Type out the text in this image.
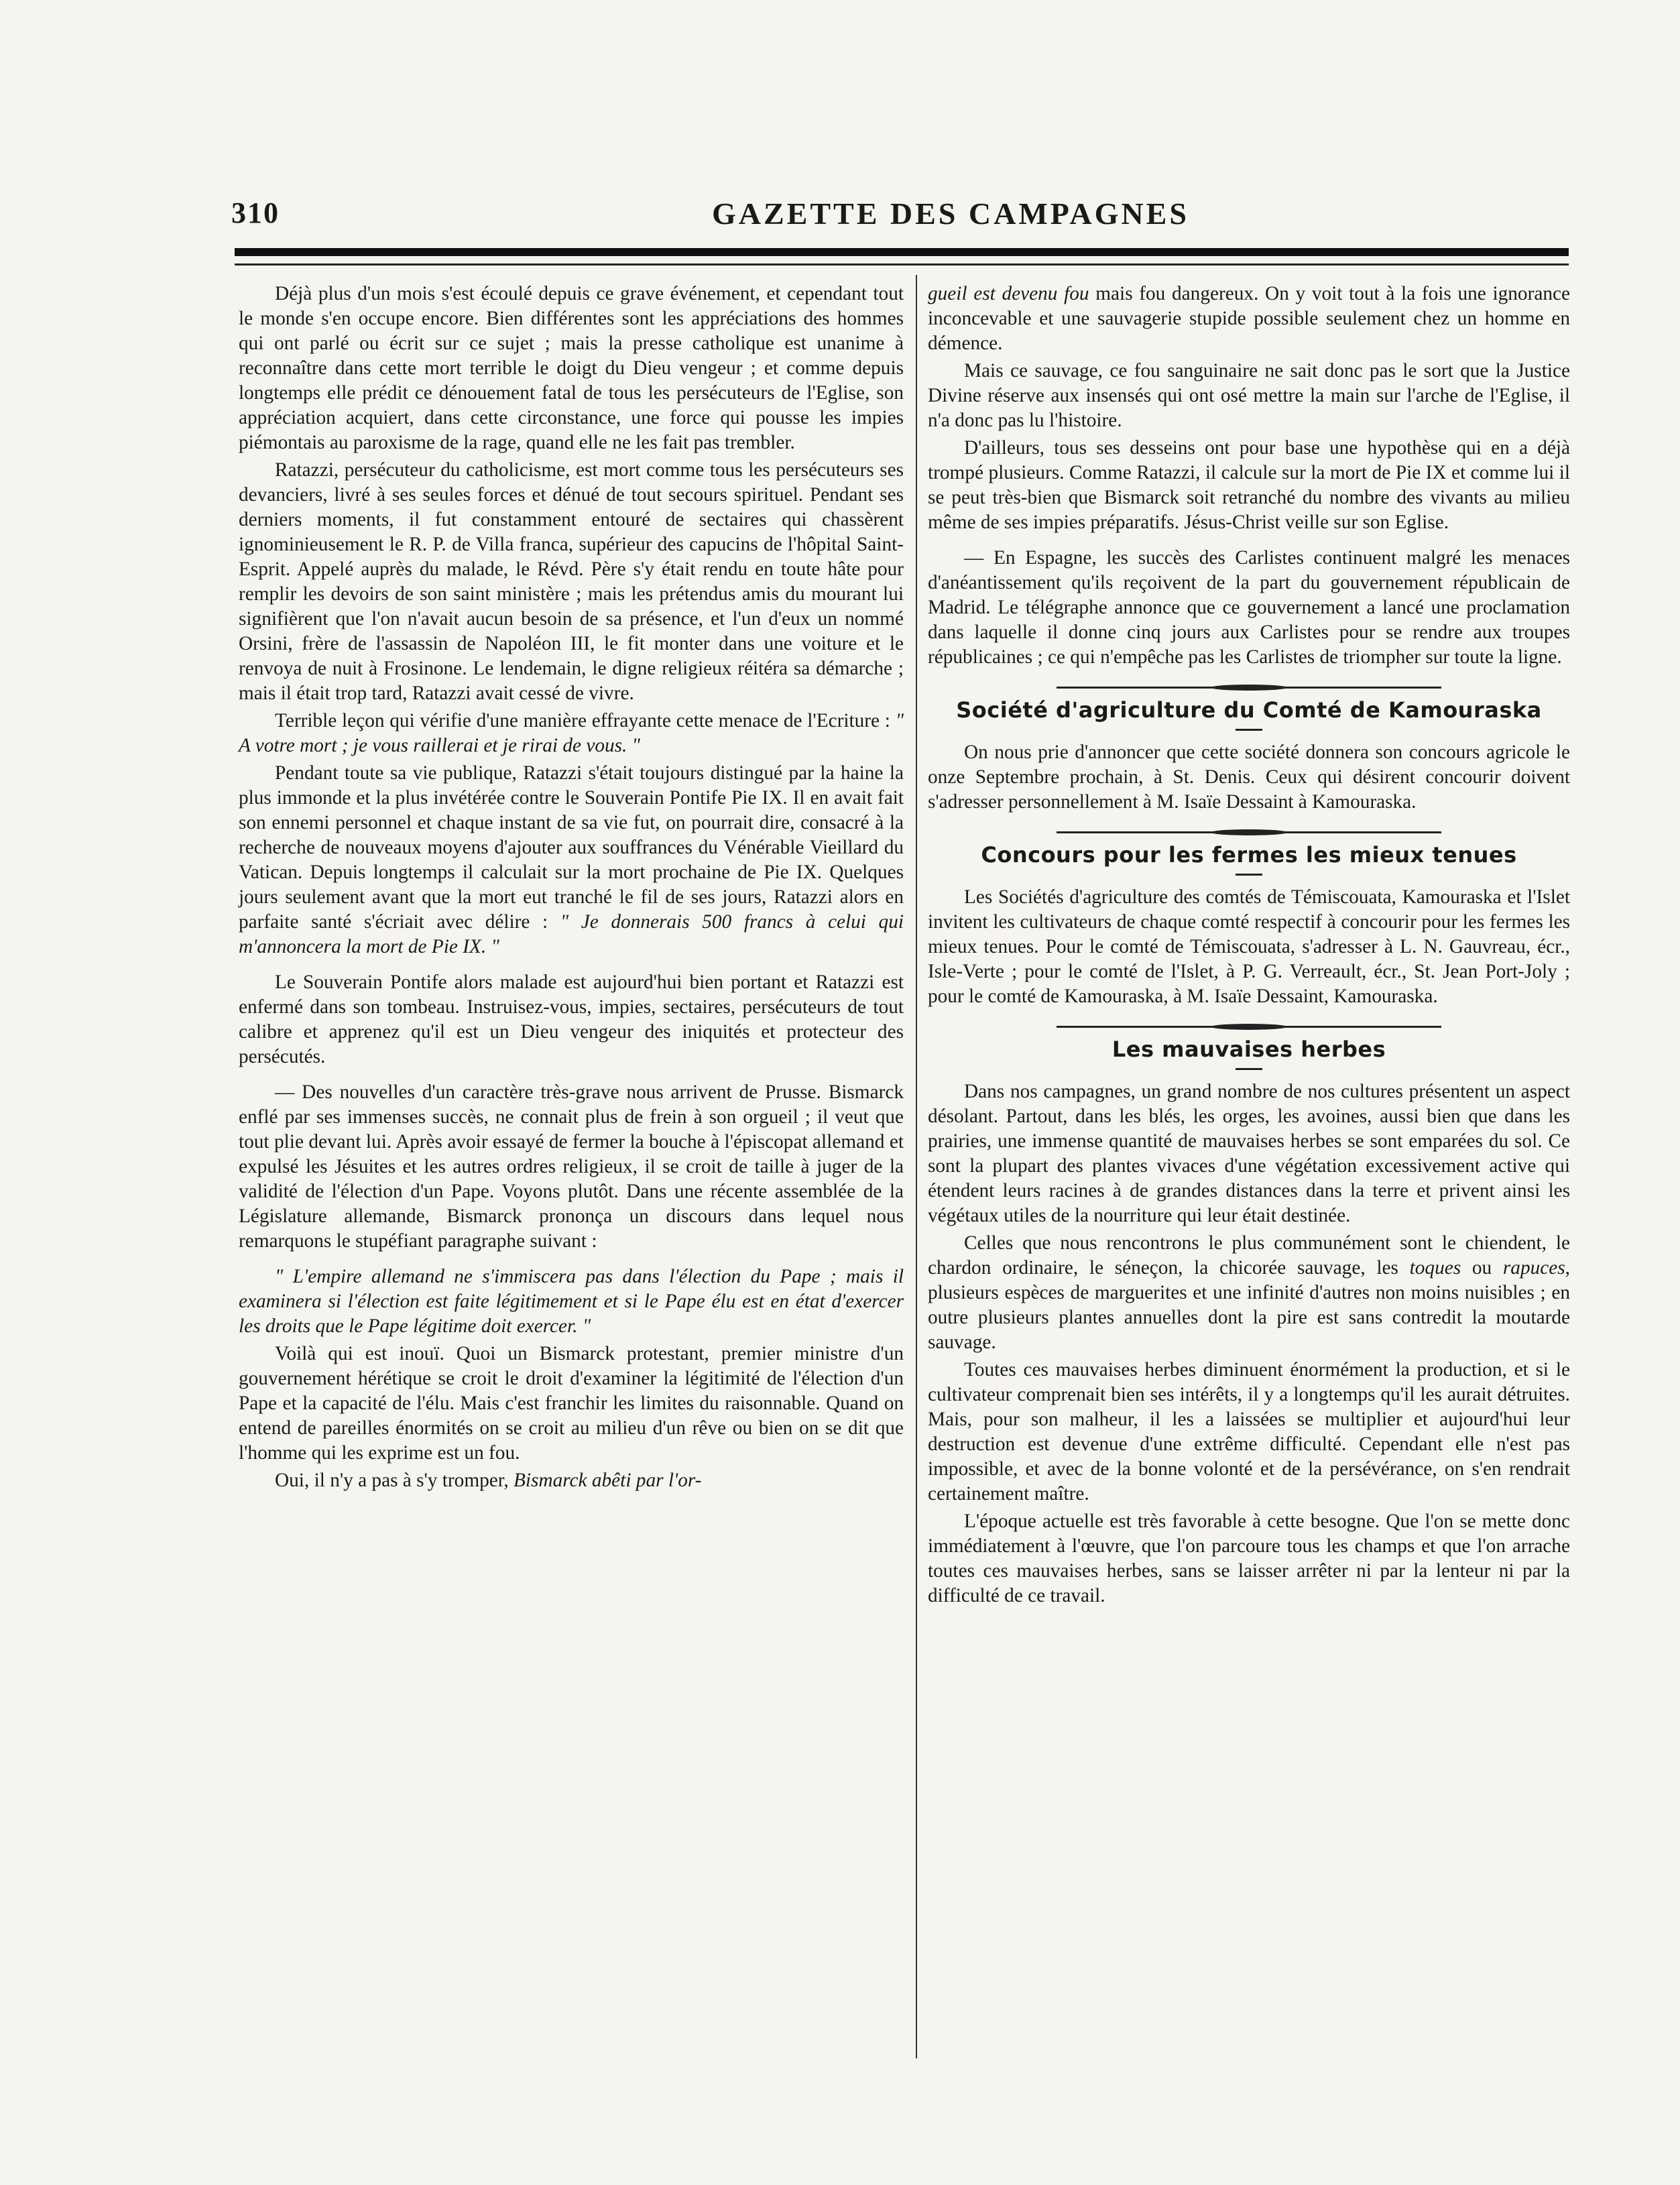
310	GAZETTE DES CAMPAGNES

Déjà plus d'un mois s'est écoulé depuis ce grave événement, et cependant tout le monde s'en occupe encore. Bien différentes sont les appréciations des hommes qui ont parlé ou écrit sur ce sujet ; mais la presse catholique est unanime à reconnaître dans cette mort terrible le doigt du Dieu vengeur ; et comme depuis longtemps elle prédit ce dénouement fatal de tous les persécuteurs de l'Eglise, son appréciation acquiert, dans cette circonstance, une force qui pousse les impies piémontais au paroxisme de la rage, quand elle ne les fait pas trembler.

Ratazzi, persécuteur du catholicisme, est mort comme tous les persécuteurs ses devanciers, livré à ses seules forces et dénué de tout secours spirituel. Pendant ses derniers moments, il fut constamment entouré de sectaires qui chassèrent ignominieusement le R. P. de Villa franca, supérieur des capucins de l'hôpital Saint-Esprit. Appelé auprès du malade, le Révd. Père s'y était rendu en toute hâte pour remplir les devoirs de son saint ministère ; mais les prétendus amis du mourant lui signifièrent que l'on n'avait aucun besoin de sa présence, et l'un d'eux un nommé Orsini, frère de l'assassin de Napoléon III, le fit monter dans une voiture et le renvoya de nuit à Frosinone. Le lendemain, le digne religieux réitéra sa démarche ; mais il était trop tard, Ratazzi avait cessé de vivre.

Terrible leçon qui vérifie d'une manière effrayante cette menace de l'Ecriture : " A votre mort ; je vous raillerai et je rirai de vous. "

Pendant toute sa vie publique, Ratazzi s'était toujours distingué par la haine la plus immonde et la plus invétérée contre le Souverain Pontife Pie IX. Il en avait fait son ennemi personnel et chaque instant de sa vie fut, on pourrait dire, consacré à la recherche de nouveaux moyens d'ajouter aux souffrances du Vénérable Vieillard du Vatican. Depuis longtemps il calculait sur la mort prochaine de Pie IX. Quelques jours seulement avant que la mort eut tranché le fil de ses jours, Ratazzi alors en parfaite santé s'écriait avec délire : " Je donnerais 500 francs à celui qui m'annoncera la mort de Pie IX. "

Le Souverain Pontife alors malade est aujourd'hui bien portant et Ratazzi est enfermé dans son tombeau. Instruisez-vous, impies, sectaires, persécuteurs de tout calibre et apprenez qu'il est un Dieu vengeur des iniquités et protecteur des persécutés.

— Des nouvelles d'un caractère très-grave nous arrivent de Prusse. Bismarck enflé par ses immenses succès, ne connait plus de frein à son orgueil ; il veut que tout plie devant lui. Après avoir essayé de fermer la bouche à l'épiscopat allemand et expulsé les Jésuites et les autres ordres religieux, il se croit de taille à juger de la validité de l'élection d'un Pape. Voyons plutôt. Dans une récente assemblée de la Législature allemande, Bismarck prononça un discours dans lequel nous remarquons le stupéfiant paragraphe suivant :

" L'empire allemand ne s'immiscera pas dans l'élection du Pape ; mais il examinera si l'élection est faite légitimement et si le Pape élu est en état d'exercer les droits que le Pape légitime doit exercer. "

Voilà qui est inouï. Quoi un Bismarck protestant, premier ministre d'un gouvernement hérétique se croit le droit d'examiner la légitimité de l'élection d'un Pape et la capacité de l'élu. Mais c'est franchir les limites du raisonnable. Quand on entend de pareilles énormités on se croit au milieu d'un rêve ou bien on se dit que l'homme qui les exprime est un fou.

Oui, il n'y a pas à s'y tromper, Bismarck abêti par l'or-

gueil est devenu fou mais fou dangereux. On y voit tout à la fois une ignorance inconcevable et une sauvagerie stupide possible seulement chez un homme en démence.

Mais ce sauvage, ce fou sanguinaire ne sait donc pas le sort que la Justice Divine réserve aux insensés qui ont osé mettre la main sur l'arche de l'Eglise, il n'a donc pas lu l'histoire.

D'ailleurs, tous ses desseins ont pour base une hypothèse qui en a déjà trompé plusieurs. Comme Ratazzi, il calcule sur la mort de Pie IX et comme lui il se peut très-bien que Bismarck soit retranché du nombre des vivants au milieu même de ses impies préparatifs. Jésus-Christ veille sur son Eglise.

— En Espagne, les succès des Carlistes continuent malgré les menaces d'anéantissement qu'ils reçoivent de la part du gouvernement républicain de Madrid. Le télégraphe annonce que ce gouvernement a lancé une proclamation dans laquelle il donne cinq jours aux Carlistes pour se rendre aux troupes républicaines ; ce qui n'empêche pas les Carlistes de triompher sur toute la ligne.

Société d'agriculture du Comté de Kamouraska

On nous prie d'annoncer que cette société donnera son concours agricole le onze Septembre prochain, à St. Denis. Ceux qui désirent concourir doivent s'adresser personnellement à M. Isaïe Dessaint à Kamouraska.

Concours pour les fermes les mieux tenues

Les Sociétés d'agriculture des comtés de Témiscouata, Kamouraska et l'Islet invitent les cultivateurs de chaque comté respectif à concourir pour les fermes les mieux tenues. Pour le comté de Témiscouata, s'adresser à L. N. Gauvreau, écr., Isle-Verte ; pour le comté de l'Islet, à P. G. Verreault, écr., St. Jean Port-Joly ; pour le comté de Kamouraska, à M. Isaïe Dessaint, Kamouraska.

Les mauvaises herbes

Dans nos campagnes, un grand nombre de nos cultures présentent un aspect désolant. Partout, dans les blés, les orges, les avoines, aussi bien que dans les prairies, une immense quantité de mauvaises herbes se sont emparées du sol. Ce sont la plupart des plantes vivaces d'une végétation excessivement active qui étendent leurs racines à de grandes distances dans la terre et privent ainsi les végétaux utiles de la nourriture qui leur était destinée.

Celles que nous rencontrons le plus communément sont le chiendent, le chardon ordinaire, le séneçon, la chicorée sauvage, les toques ou rapuces, plusieurs espèces de marguerites et une infinité d'autres non moins nuisibles ; en outre plusieurs plantes annuelles dont la pire est sans contredit la moutarde sauvage.

Toutes ces mauvaises herbes diminuent énormément la production, et si le cultivateur comprenait bien ses intérêts, il y a longtemps qu'il les aurait détruites. Mais, pour son malheur, il les a laissées se multiplier et aujourd'hui leur destruction est devenue d'une extrême difficulté. Cependant elle n'est pas impossible, et avec de la bonne volonté et de la persévérance, on s'en rendrait certainement maître.

L'époque actuelle est très favorable à cette besogne. Que l'on se mette donc immédiatement à l'œuvre, que l'on parcoure tous les champs et que l'on arrache toutes ces mauvaises herbes, sans se laisser arrêter ni par la lenteur ni par la difficulté de ce travail.
